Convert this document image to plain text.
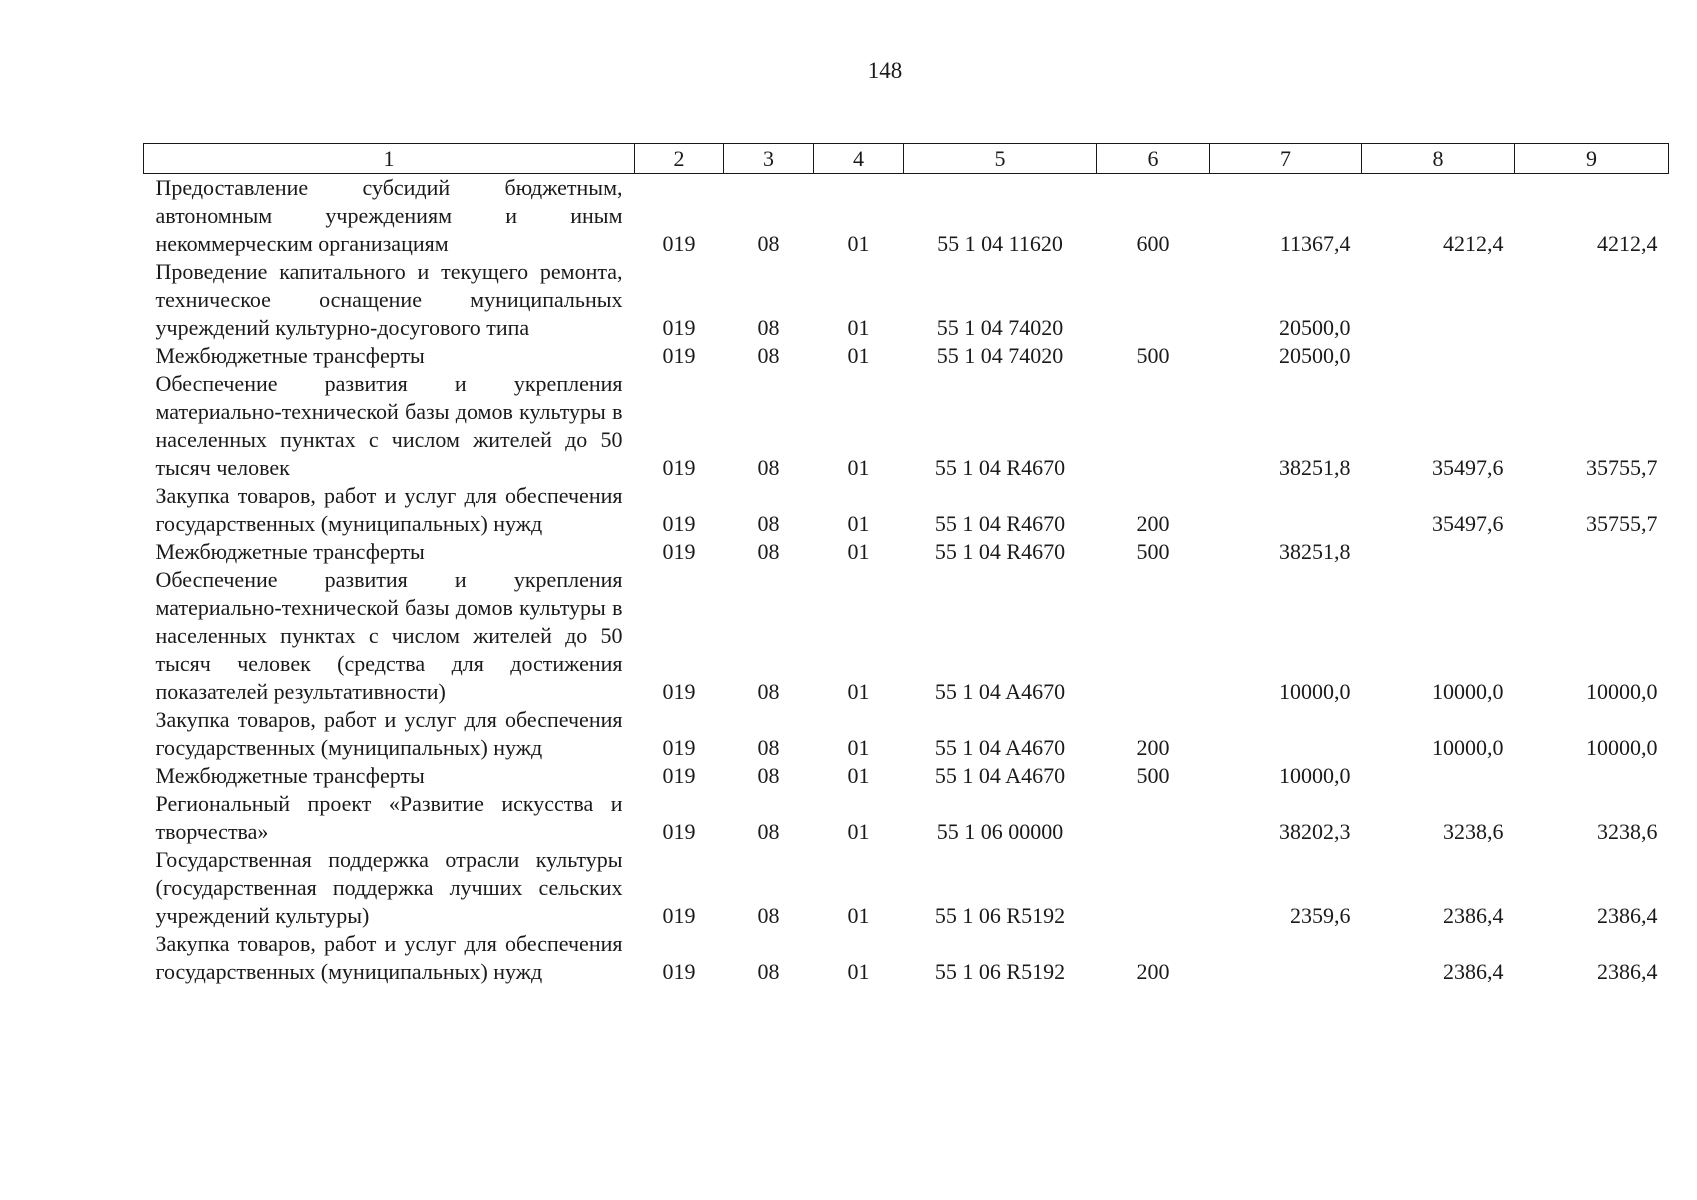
148
1	2	3	4	5	6	7	8	9
Предоставление субсидий бюджетным, автономным учреждениям и иным некоммерческим организациям	019	08	01	55 1 04 11620	600	11367,4	4212,4	4212,4
Проведение капитального и текущего ремонта, техническое оснащение муниципальных учреждений культурно-досугового типа	019	08	01	55 1 04 74020		20500,0		
Межбюджетные трансферты	019	08	01	55 1 04 74020	500	20500,0		
Обеспечение развития и укрепления материально-технической базы домов культуры в населенных пунктах с числом жителей до 50 тысяч человек	019	08	01	55 1 04 R4670		38251,8	35497,6	35755,7
Закупка товаров, работ и услуг для обеспечения государственных (муниципальных) нужд	019	08	01	55 1 04 R4670	200		35497,6	35755,7
Межбюджетные трансферты	019	08	01	55 1 04 R4670	500	38251,8		
Обеспечение развития и укрепления материально-технической базы домов культуры в населенных пунктах с числом жителей до 50 тысяч человек (средства для достижения показателей результативности)	019	08	01	55 1 04 A4670		10000,0	10000,0	10000,0
Закупка товаров, работ и услуг для обеспечения государственных (муниципальных) нужд	019	08	01	55 1 04 A4670	200		10000,0	10000,0
Межбюджетные трансферты	019	08	01	55 1 04 A4670	500	10000,0		
Региональный проект «Развитие искусства и творчества»	019	08	01	55 1 06 00000		38202,3	3238,6	3238,6
Государственная поддержка отрасли культуры (государственная поддержка лучших сельских учреждений культуры)	019	08	01	55 1 06 R5192		2359,6	2386,4	2386,4
Закупка товаров, работ и услуг для обеспечения государственных (муниципальных) нужд	019	08	01	55 1 06 R5192	200		2386,4	2386,4
